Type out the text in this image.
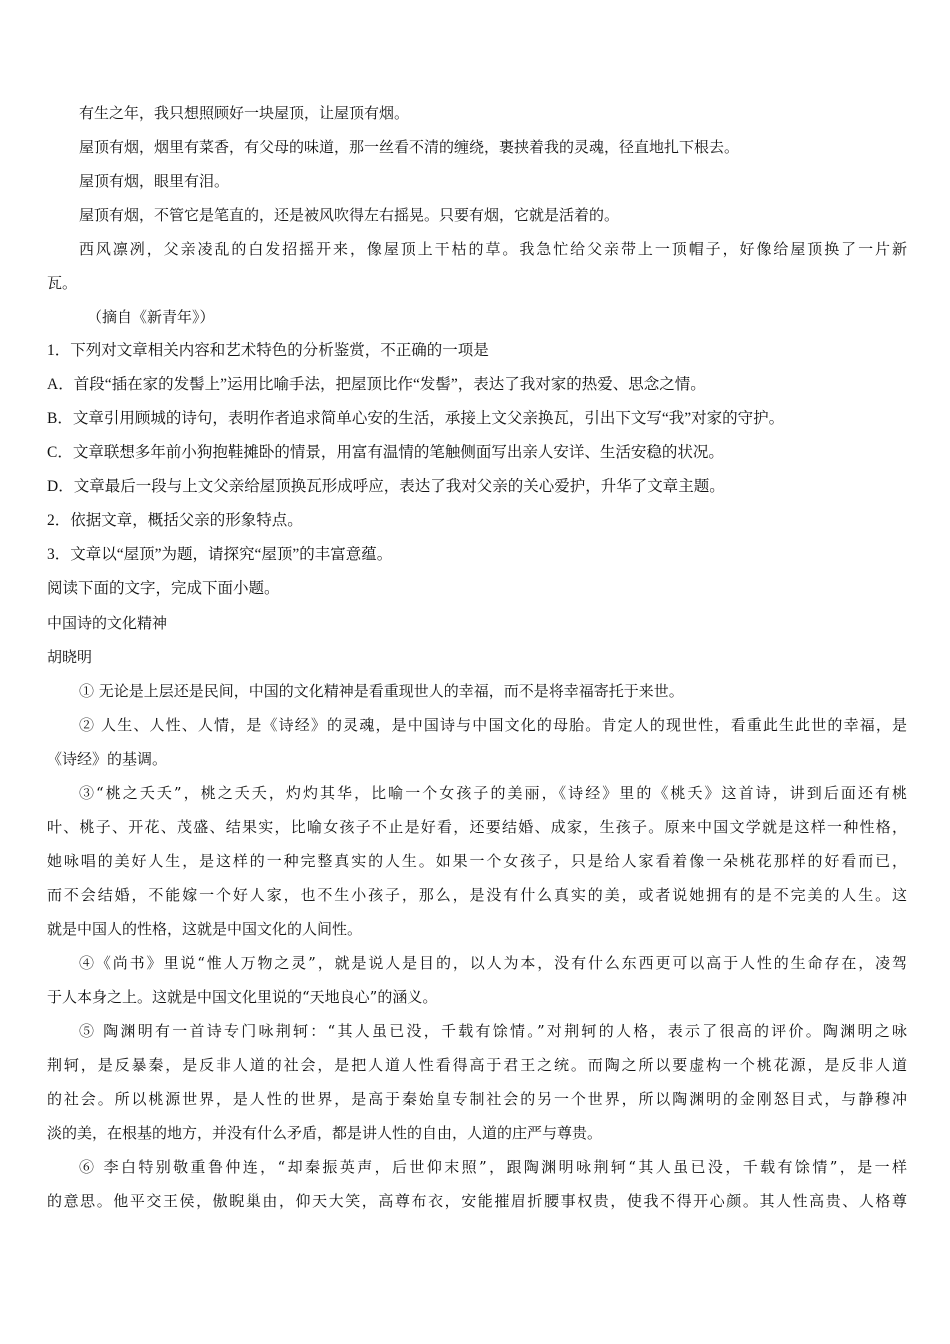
有生之年，我只想照顾好一块屋顶，让屋顶有烟。
屋顶有烟，烟里有菜香，有父母的味道，那一丝看不清的缠绕，裹挟着我的灵魂，径直地扎下根去。
屋顶有烟，眼里有泪。
屋顶有烟，不管它是笔直的，还是被风吹得左右摇晃。只要有烟，它就是活着的。
西风凛冽，父亲凌乱的白发招摇开来，像屋顶上干枯的草。我急忙给父亲带上一顶帽子，好像给屋顶换了一片新
瓦。
（摘自《新青年》）
1．下列对文章相关内容和艺术特色的分析鉴赏，不正确的一项是
A．首段“插在家的发髻上”运用比喻手法，把屋顶比作“发髻”，表达了我对家的热爱、思念之情。
B．文章引用顾城的诗句，表明作者追求简单心安的生活，承接上文父亲换瓦，引出下文写“我”对家的守护。
C．文章联想多年前小狗抱鞋摊卧的情景，用富有温情的笔触侧面写出亲人安详、生活安稳的状况。
D．文章最后一段与上文父亲给屋顶换瓦形成呼应，表达了我对父亲的关心爱护，升华了文章主题。
2．依据文章，概括父亲的形象特点。
3．文章以“屋顶”为题，请探究“屋顶”的丰富意蕴。
阅读下面的文字，完成下面小题。
中国诗的文化精神
胡晓明
① 无论是上层还是民间，中国的文化精神是看重现世人的幸福，而不是将幸福寄托于来世。
② 人生、人性、人情，是《诗经》的灵魂，是中国诗与中国文化的母胎。肯定人的现世性，看重此生此世的幸福，是
《诗经》的基调。
③“桃之夭夭”，桃之夭夭，灼灼其华，比喻一个女孩子的美丽，《诗经》里的《桃夭》这首诗，讲到后面还有桃
叶、桃子、开花、茂盛、结果实，比喻女孩子不止是好看，还要结婚、成家，生孩子。原来中国文学就是这样一种性格，
她咏唱的美好人生，是这样的一种完整真实的人生。如果一个女孩子，只是给人家看着像一朵桃花那样的好看而已，
而不会结婚，不能嫁一个好人家，也不生小孩子，那么，是没有什么真实的美，或者说她拥有的是不完美的人生。这
就是中国人的性格，这就是中国文化的人间性。
④《尚书》里说“惟人万物之灵”，就是说人是目的，以人为本，没有什么东西更可以高于人性的生命存在，凌驾
于人本身之上。这就是中国文化里说的“天地良心”的涵义。
⑤ 陶渊明有一首诗专门咏荆轲：“其人虽已没，千载有馀情。”对荆轲的人格，表示了很高的评价。陶渊明之咏
荆轲，是反暴秦，是反非人道的社会，是把人道人性看得高于君王之统。而陶之所以要虚构一个桃花源，是反非人道
的社会。所以桃源世界，是人性的世界，是高于秦始皇专制社会的另一个世界，所以陶渊明的金刚怒目式，与静穆冲
淡的美，在根基的地方，并没有什么矛盾，都是讲人性的自由，人道的庄严与尊贵。
⑥ 李白特别敬重鲁仲连，“却秦振英声，后世仰末照”，跟陶渊明咏荆轲“其人虽已没，千载有馀情”，是一样
的意思。他平交王侯，傲睨巢由，仰天大笑，高尊布衣，安能摧眉折腰事权贵，使我不得开心颜。其人性高贵、人格尊
